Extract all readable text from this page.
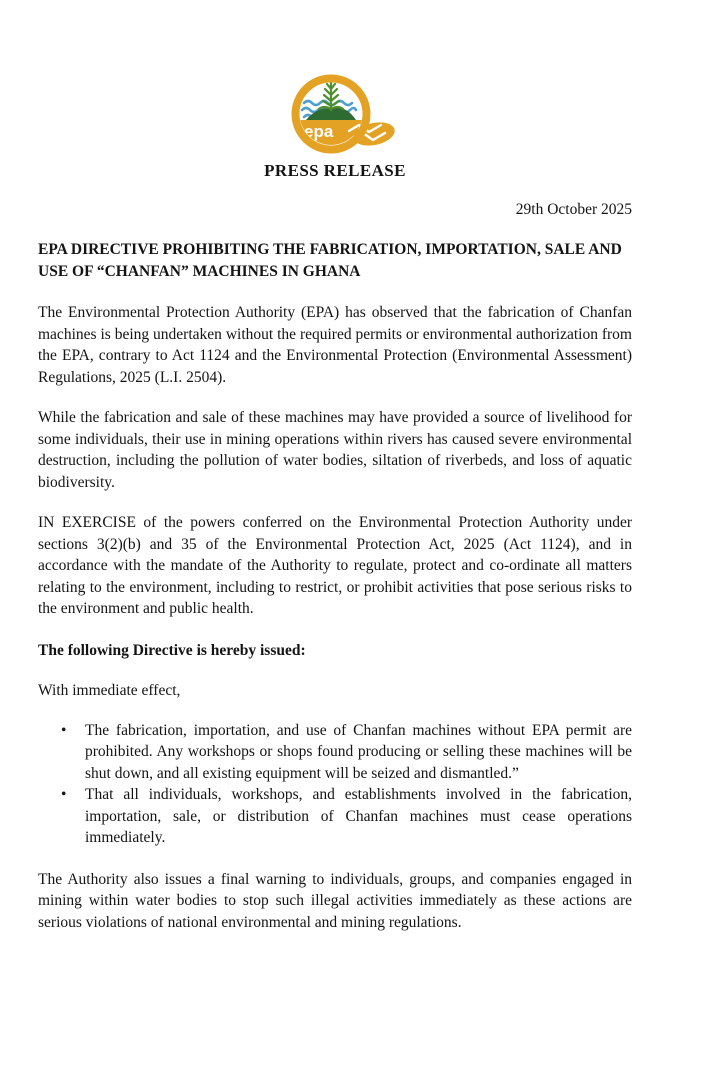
epa
PRESS RELEASE
29th October 2025
EPA DIRECTIVE PROHIBITING THE FABRICATION, IMPORTATION, SALE AND USE OF “CHANFAN” MACHINES IN GHANA

The Environmental Protection Authority (EPA) has observed that the fabrication of Chanfan machines is being undertaken without the required permits or environmental authorization from the EPA, contrary to Act 1124 and the Environmental Protection (Environmental Assessment) Regulations, 2025 (L.I. 2504).

While the fabrication and sale of these machines may have provided a source of livelihood for some individuals, their use in mining operations within rivers has caused severe environmental destruction, including the pollution of water bodies, siltation of riverbeds, and loss of aquatic biodiversity.

IN EXERCISE of the powers conferred on the Environmental Protection Authority under sections 3(2)(b) and 35 of the Environmental Protection Act, 2025 (Act 1124), and in accordance with the mandate of the Authority to regulate, protect and co-ordinate all matters relating to the environment, including to restrict, or prohibit activities that pose serious risks to the environment and public health.

The following Directive is hereby issued:
With immediate effect,
• The fabrication, importation, and use of Chanfan machines without EPA permit are prohibited. Any workshops or shops found producing or selling these machines will be shut down, and all existing equipment will be seized and dismantled.”
• That all individuals, workshops, and establishments involved in the fabrication, importation, sale, or distribution of Chanfan machines must cease operations immediately.

The Authority also issues a final warning to individuals, groups, and companies engaged in mining within water bodies to stop such illegal activities immediately as these actions are serious violations of national environmental and mining regulations.
